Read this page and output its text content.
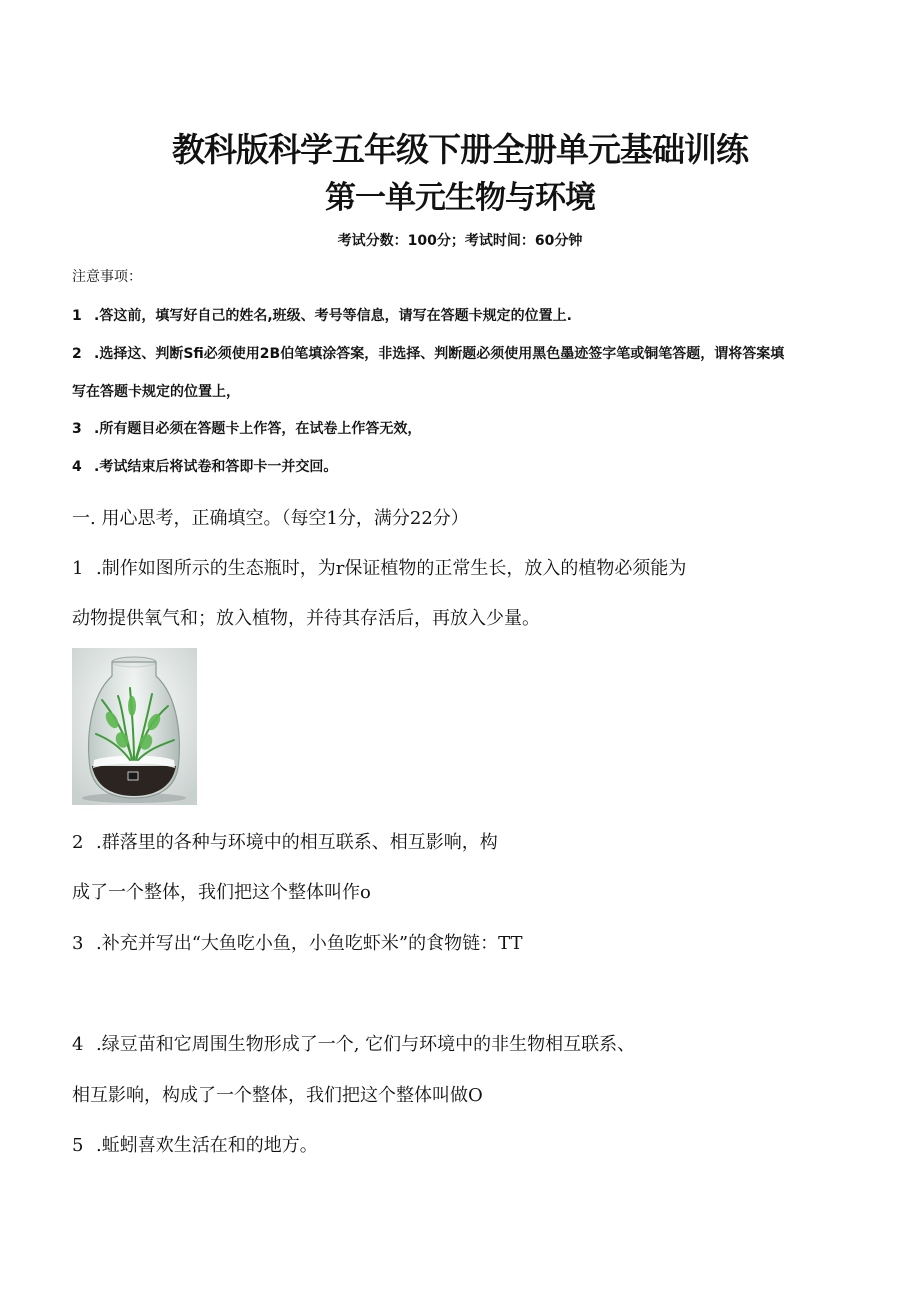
教科版科学五年级下册全册单元基础训练
第一单元生物与环境
考试分数：100分；考试时间：60分钟
注意事项：
1 .答这前，填写好自己的姓名,班级、考号等信息，请写在答题卡规定的位置上.
2 .选择这、判断Sfi必须使用2B伯笔填涂答案，非选择、判断题必须使用黑色墨迹签字笔或铜笔答题，谓将答案填
写在答题卡规定的位置上，
3 .所有题目必须在答题卡上作答，在试卷上作答无效，
4 .考试结束后将试卷和答即卡一并交回。
一. 用心思考，正确填空。（每空1分，满分22分）
1 .制作如图所示的生态瓶时，为r保证植物的正常生长，放入的植物必须能为
动物提供氧气和；放入植物，并待其存活后，再放入少量。
2 .群落里的各种与环境中的相互联系、相互影响，构
成了一个整体，我们把这个整体叫作o
3 .补充并写出“大鱼吃小鱼，小鱼吃虾米”的食物链：TT
4 .绿豆苗和它周围生物形成了一个, 它们与环境中的非生物相互联系、
相互影响，构成了一个整体，我们把这个整体叫做O
5 .蚯蚓喜欢生活在和的地方。
